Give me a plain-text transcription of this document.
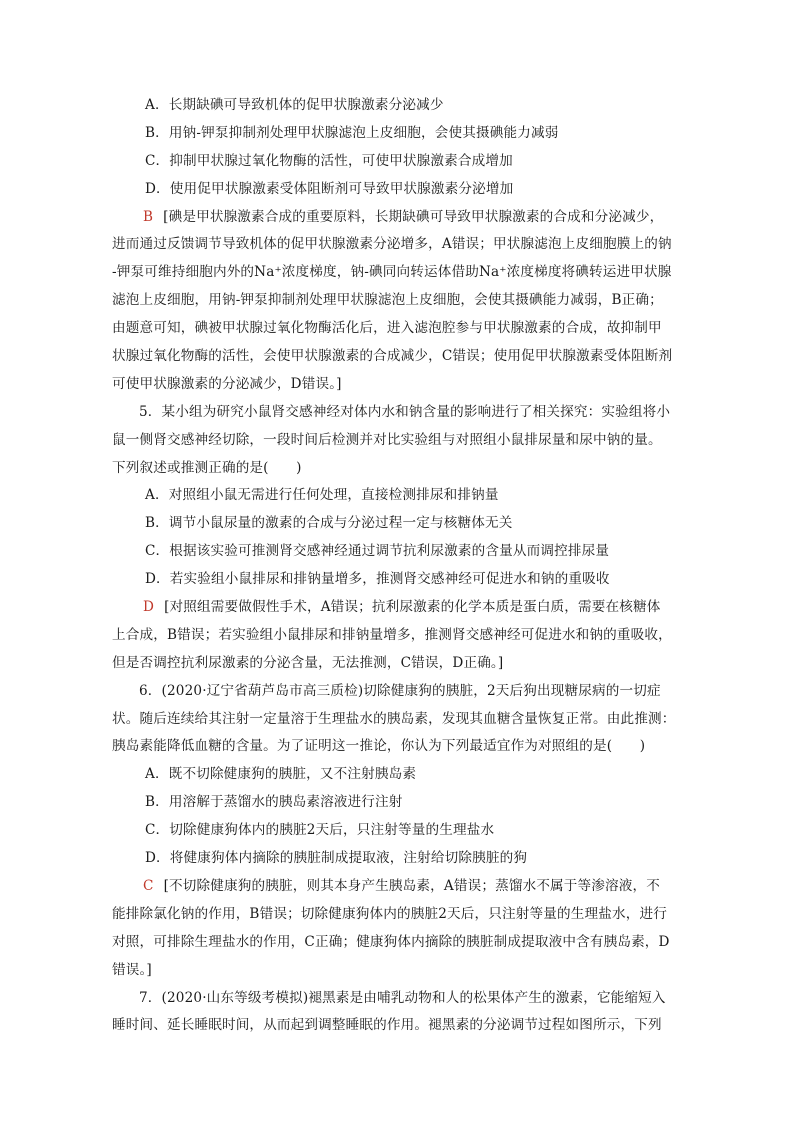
A．长期缺碘可导致机体的促甲状腺激素分泌减少
B．用钠-钾泵抑制剂处理甲状腺滤泡上皮细胞，会使其摄碘能力减弱
C．抑制甲状腺过氧化物酶的活性，可使甲状腺激素合成增加
D．使用促甲状腺激素受体阻断剂可导致甲状腺激素分泌增加
B [碘是甲状腺激素合成的重要原料，长期缺碘可导致甲状腺激素的合成和分泌减少，
进而通过反馈调节导致机体的促甲状腺激素分泌增多，A错误；甲状腺滤泡上皮细胞膜上的钠
-钾泵可维持细胞内外的Na⁺浓度梯度，钠-碘同向转运体借助Na⁺浓度梯度将碘转运进甲状腺
滤泡上皮细胞，用钠-钾泵抑制剂处理甲状腺滤泡上皮细胞，会使其摄碘能力减弱，B正确；
由题意可知，碘被甲状腺过氧化物酶活化后，进入滤泡腔参与甲状腺激素的合成，故抑制甲
状腺过氧化物酶的活性，会使甲状腺激素的合成减少，C错误；使用促甲状腺激素受体阻断剂
可使甲状腺激素的分泌减少，D错误。]
5．某小组为研究小鼠肾交感神经对体内水和钠含量的影响进行了相关探究：实验组将小
鼠一侧肾交感神经切除，一段时间后检测并对比实验组与对照组小鼠排尿量和尿中钠的量。
下列叙述或推测正确的是(　　)
A．对照组小鼠无需进行任何处理，直接检测排尿和排钠量
B．调节小鼠尿量的激素的合成与分泌过程一定与核糖体无关
C．根据该实验可推测肾交感神经通过调节抗利尿激素的含量从而调控排尿量
D．若实验组小鼠排尿和排钠量增多，推测肾交感神经可促进水和钠的重吸收
D [对照组需要做假性手术，A错误；抗利尿激素的化学本质是蛋白质，需要在核糖体
上合成，B错误；若实验组小鼠排尿和排钠量增多，推测肾交感神经可促进水和钠的重吸收，
但是否调控抗利尿激素的分泌含量，无法推测，C错误，D正确。]
6．(2020·辽宁省葫芦岛市高三质检)切除健康狗的胰脏，2天后狗出现糖尿病的一切症
状。随后连续给其注射一定量溶于生理盐水的胰岛素，发现其血糖含量恢复正常。由此推测：
胰岛素能降低血糖的含量。为了证明这一推论，你认为下列最适宜作为对照组的是(　　)
A．既不切除健康狗的胰脏，又不注射胰岛素
B．用溶解于蒸馏水的胰岛素溶液进行注射
C．切除健康狗体内的胰脏2天后，只注射等量的生理盐水
D．将健康狗体内摘除的胰脏制成提取液，注射给切除胰脏的狗
C [不切除健康狗的胰脏，则其本身产生胰岛素，A错误；蒸馏水不属于等渗溶液，不
能排除氯化钠的作用，B错误；切除健康狗体内的胰脏2天后，只注射等量的生理盐水，进行
对照，可排除生理盐水的作用，C正确；健康狗体内摘除的胰脏制成提取液中含有胰岛素，D
错误。]
7．(2020·山东等级考模拟)褪黑素是由哺乳动物和人的松果体产生的激素，它能缩短入
睡时间、延长睡眠时间，从而起到调整睡眠的作用。褪黑素的分泌调节过程如图所示，下列
